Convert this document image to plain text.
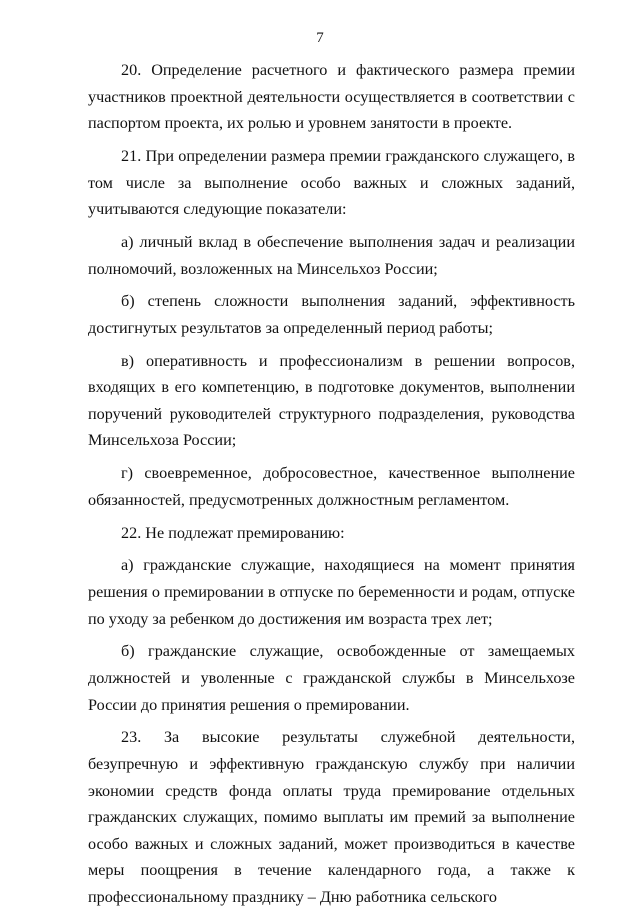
7

20. Определение расчетного и фактического размера премии участников проектной деятельности осуществляется в соответствии с паспортом проекта, их ролью и уровнем занятости в проекте.

21. При определении размера премии гражданского служащего, в том числе за выполнение особо важных и сложных заданий, учитываются следующие показатели:

а) личный вклад в обеспечение выполнения задач и реализации полномочий, возложенных на Минсельхоз России;

б) степень сложности выполнения заданий, эффективность достигнутых результатов за определенный период работы;

в) оперативность и профессионализм в решении вопросов, входящих в его компетенцию, в подготовке документов, выполнении поручений руководителей структурного подразделения, руководства Минсельхоза России;

г) своевременное, добросовестное, качественное выполнение обязанностей, предусмотренных должностным регламентом.

22. Не подлежат премированию:

а) гражданские служащие, находящиеся на момент принятия решения о премировании в отпуске по беременности и родам, отпуске по уходу за ребенком до достижения им возраста трех лет;

б) гражданские служащие, освобожденные от замещаемых должностей и уволенные с гражданской службы в Минсельхозе России до принятия решения о премировании.

23. За высокие результаты служебной деятельности, безупречную и эффективную гражданскую службу при наличии экономии средств фонда оплаты труда премирование отдельных гражданских служащих, помимо выплаты им премий за выполнение особо важных и сложных заданий, может производиться в качестве меры поощрения в течение календарного года, а также к профессиональному празднику – Дню работника сельского
